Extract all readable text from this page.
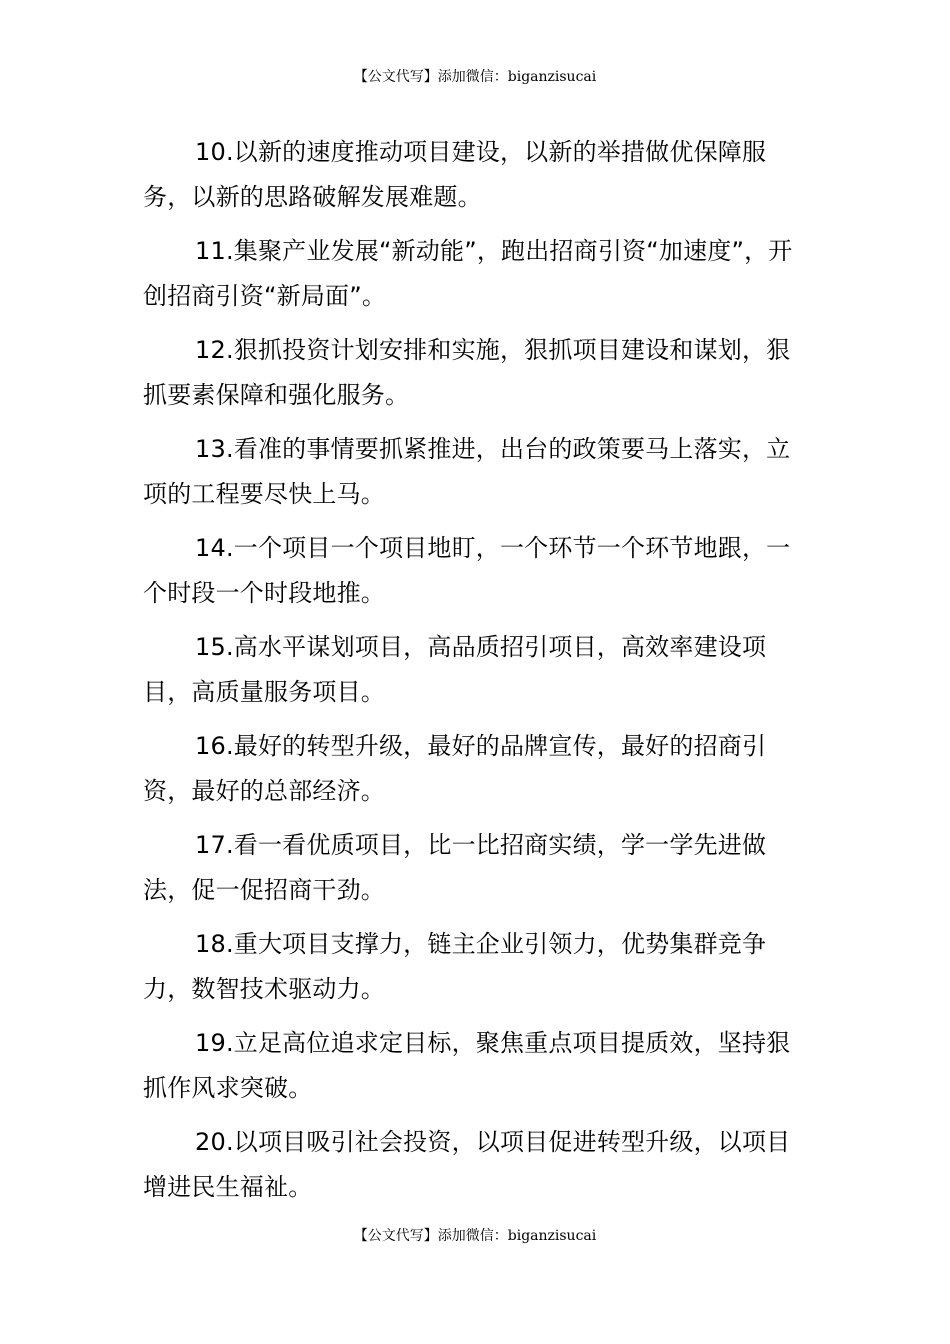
【公文代写】添加微信：biganzisucai

10.以新的速度推动项目建设，以新的举措做优保障服务，以新的思路破解发展难题。

11.集聚产业发展“新动能”，跑出招商引资“加速度”，开创招商引资“新局面”。

12.狠抓投资计划安排和实施，狠抓项目建设和谋划，狠抓要素保障和强化服务。

13.看准的事情要抓紧推进，出台的政策要马上落实，立项的工程要尽快上马。

14.一个项目一个项目地盯，一个环节一个环节地跟，一个时段一个时段地推。

15.高水平谋划项目，高品质招引项目，高效率建设项目，高质量服务项目。

16.最好的转型升级，最好的品牌宣传，最好的招商引资，最好的总部经济。

17.看一看优质项目，比一比招商实绩，学一学先进做法，促一促招商干劲。

18.重大项目支撑力，链主企业引领力，优势集群竞争力，数智技术驱动力。

19.立足高位追求定目标，聚焦重点项目提质效，坚持狠抓作风求突破。

20.以项目吸引社会投资，以项目促进转型升级，以项目增进民生福祉。

【公文代写】添加微信：biganzisucai
